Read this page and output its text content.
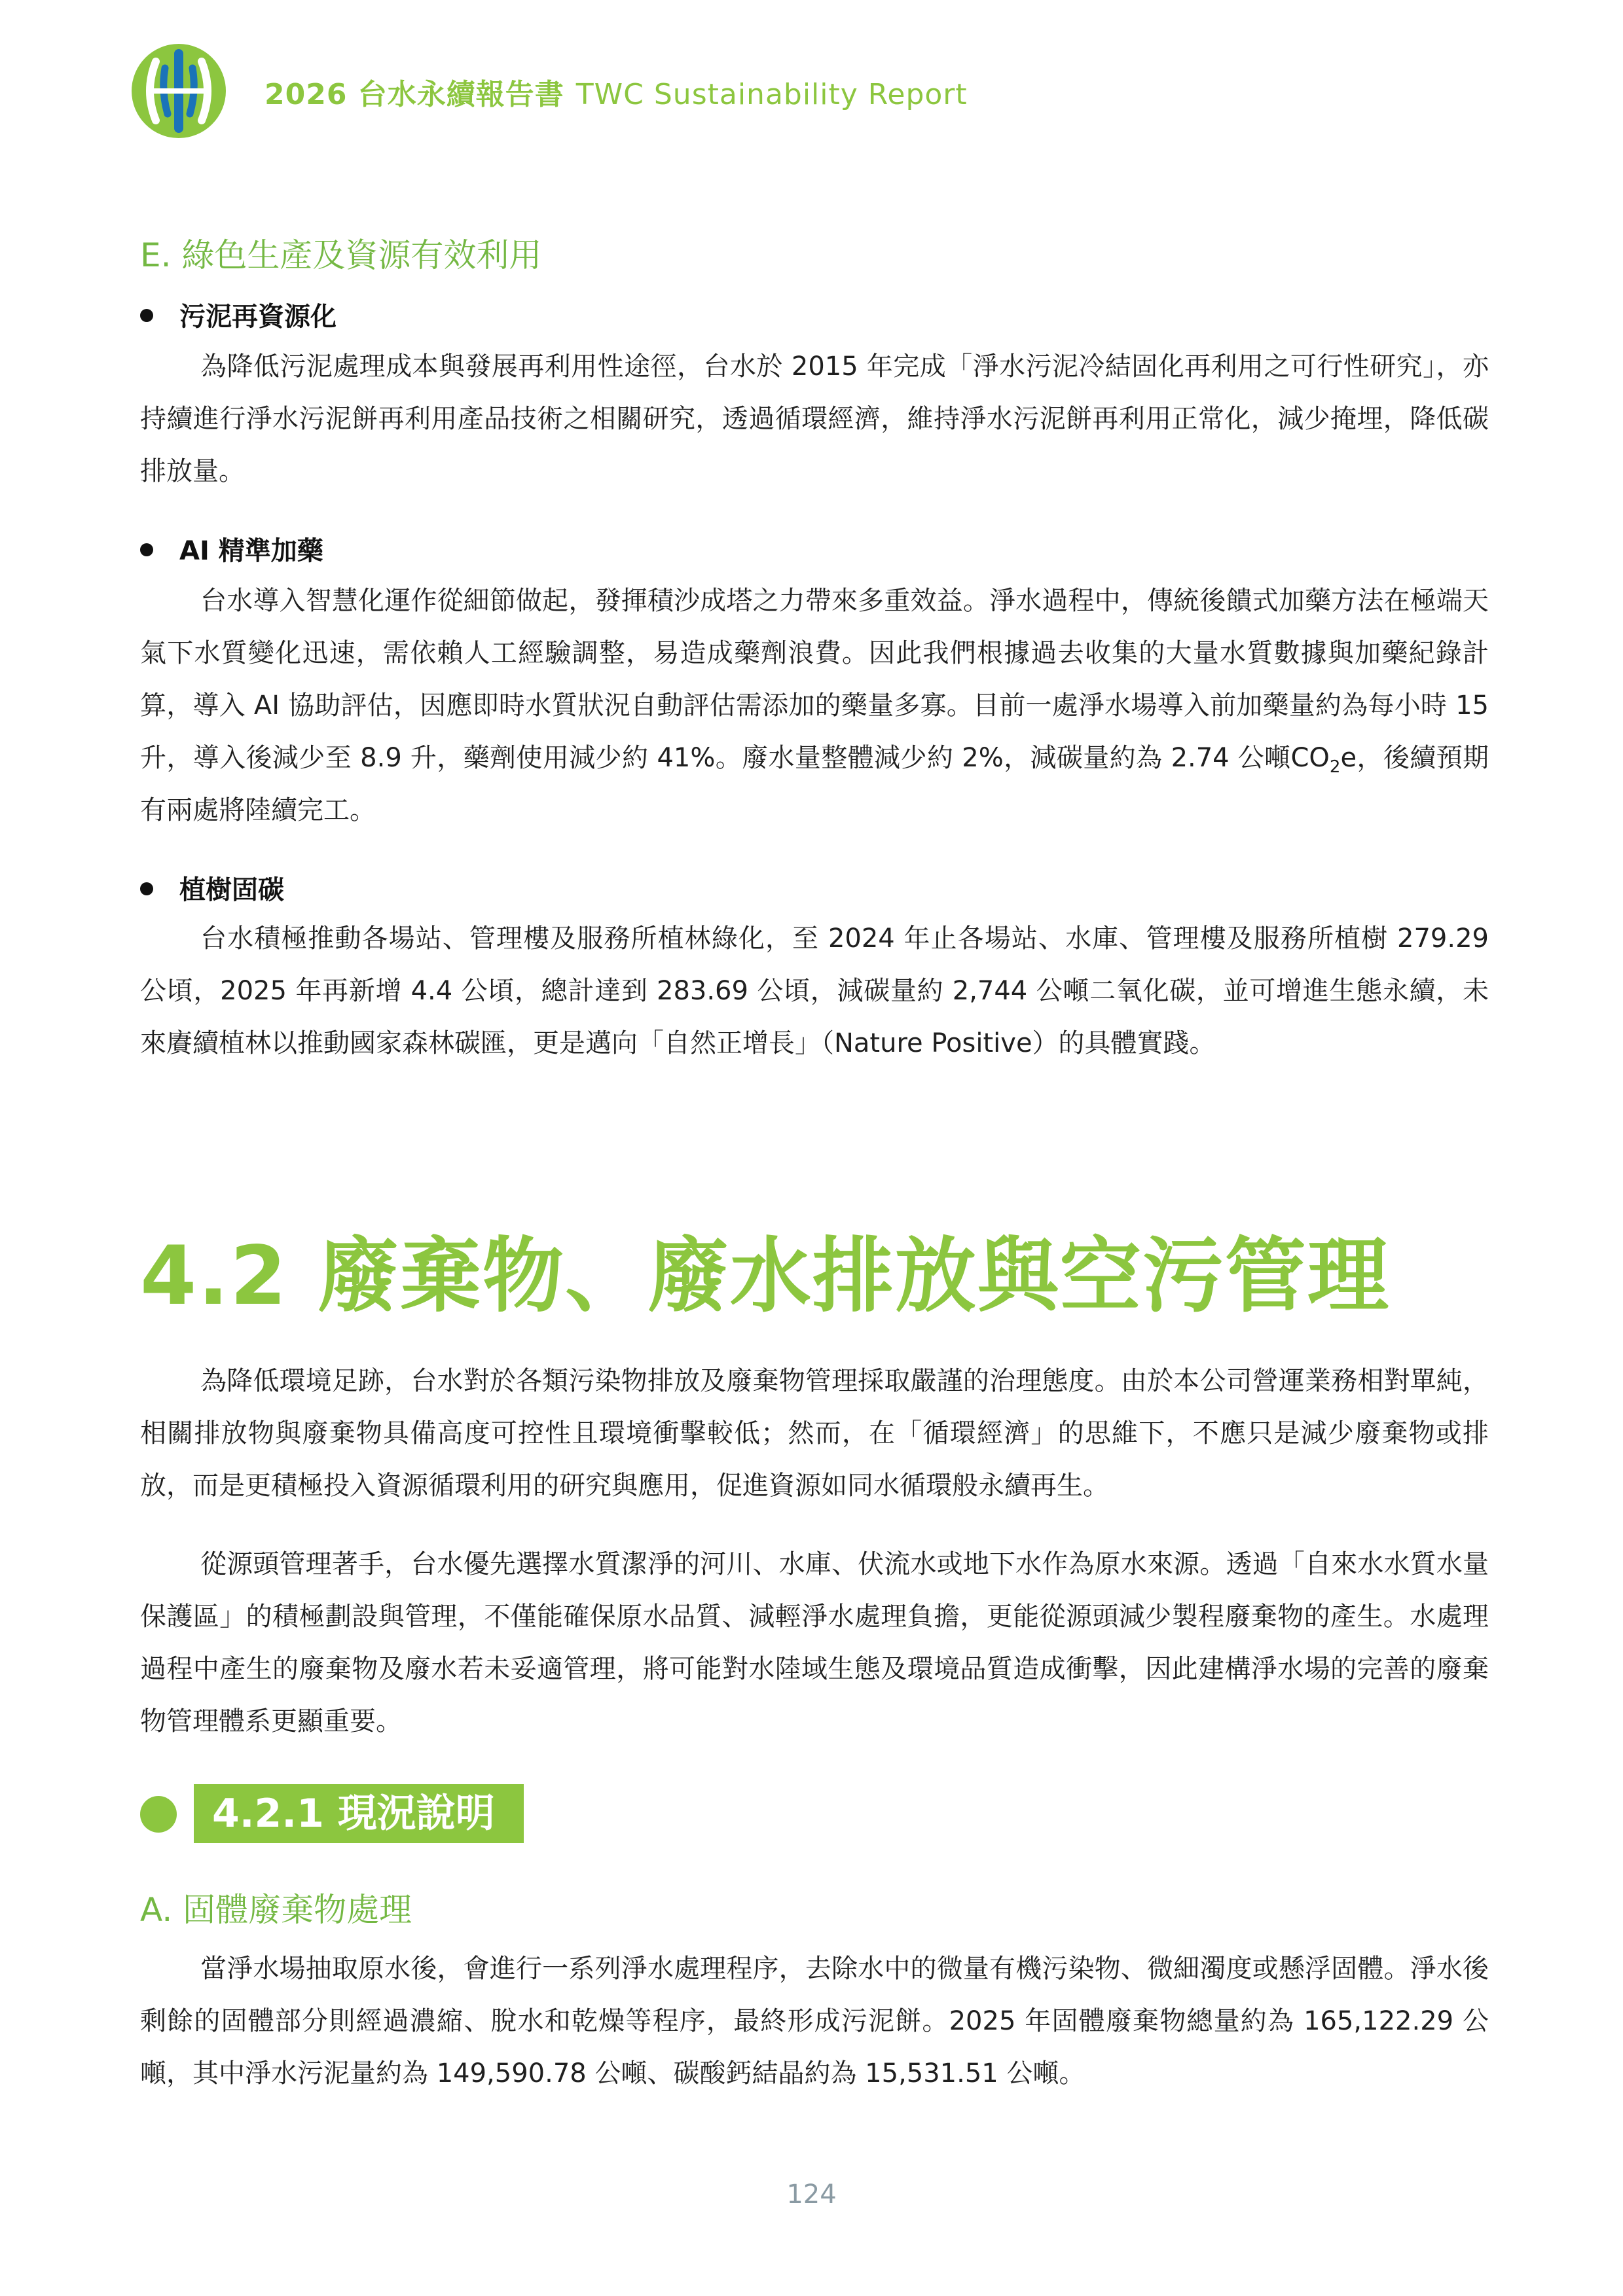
2026 台水永續報告書 TWC Sustainability Report
E. 綠色生產及資源有效利用
污泥再資源化

為降低污泥處理成本與發展再利用性途徑，台水於 2015 年完成「淨水污泥冷結固化再利用之可行性研究」，亦持續進行淨水污泥餅再利用產品技術之相關研究，透過循環經濟，維持淨水污泥餅再利用正常化，減少掩埋，降低碳排放量。

AI 精準加藥

台水導入智慧化運作從細節做起，發揮積沙成塔之力帶來多重效益。淨水過程中，傳統後饋式加藥方法在極端天氣下水質變化迅速，需依賴人工經驗調整，易造成藥劑浪費。因此我們根據過去收集的大量水質數據與加藥紀錄計算，導入 AI 協助評估，因應即時水質狀況自動評估需添加的藥量多寡。目前一處淨水場導入前加藥量約為每小時 15 升，導入後減少至 8.9 升，藥劑使用減少約 41%。廢水量整體減少約 2%，減碳量約為 2.74 公噸$CO_2e$，後續預期有兩處將陸續完工。

植樹固碳

台水積極推動各場站、管理樓及服務所植林綠化，至 2024 年止各場站、水庫、管理樓及服務所植樹 279.29 公頃，2025 年再新增 4.4 公頃，總計達到 283.69 公頃，減碳量約 2,744 公噸二氧化碳，並可增進生態永續，未來賡續植林以推動國家森林碳匯，更是邁向「自然正增長」（Nature Positive）的具體實踐。

4.2 廢棄物、廢水排放與空污管理

為降低環境足跡，台水對於各類污染物排放及廢棄物管理採取嚴謹的治理態度。由於本公司營運業務相對單純，相關排放物與廢棄物具備高度可控性且環境衝擊較低；然而，在「循環經濟」的思維下，不應只是減少廢棄物或排放，而是更積極投入資源循環利用的研究與應用，促進資源如同水循環般永續再生。

從源頭管理著手，台水優先選擇水質潔淨的河川、水庫、伏流水或地下水作為原水來源。透過「自來水水質水量保護區」的積極劃設與管理，不僅能確保原水品質、減輕淨水處理負擔，更能從源頭減少製程廢棄物的產生。水處理過程中產生的廢棄物及廢水若未妥適管理，將可能對水陸域生態及環境品質造成衝擊，因此建構淨水場的完善的廢棄物管理體系更顯重要。

4.2.1 現況說明
A. 固體廢棄物處理

當淨水場抽取原水後，會進行一系列淨水處理程序，去除水中的微量有機污染物、微細濁度或懸浮固體。淨水後剩餘的固體部分則經過濃縮、脫水和乾燥等程序，最終形成污泥餅。2025 年固體廢棄物總量約為 165,122.29 公噸，其中淨水污泥量約為 149,590.78 公噸、碳酸鈣結晶約為 15,531.51 公噸。

124
